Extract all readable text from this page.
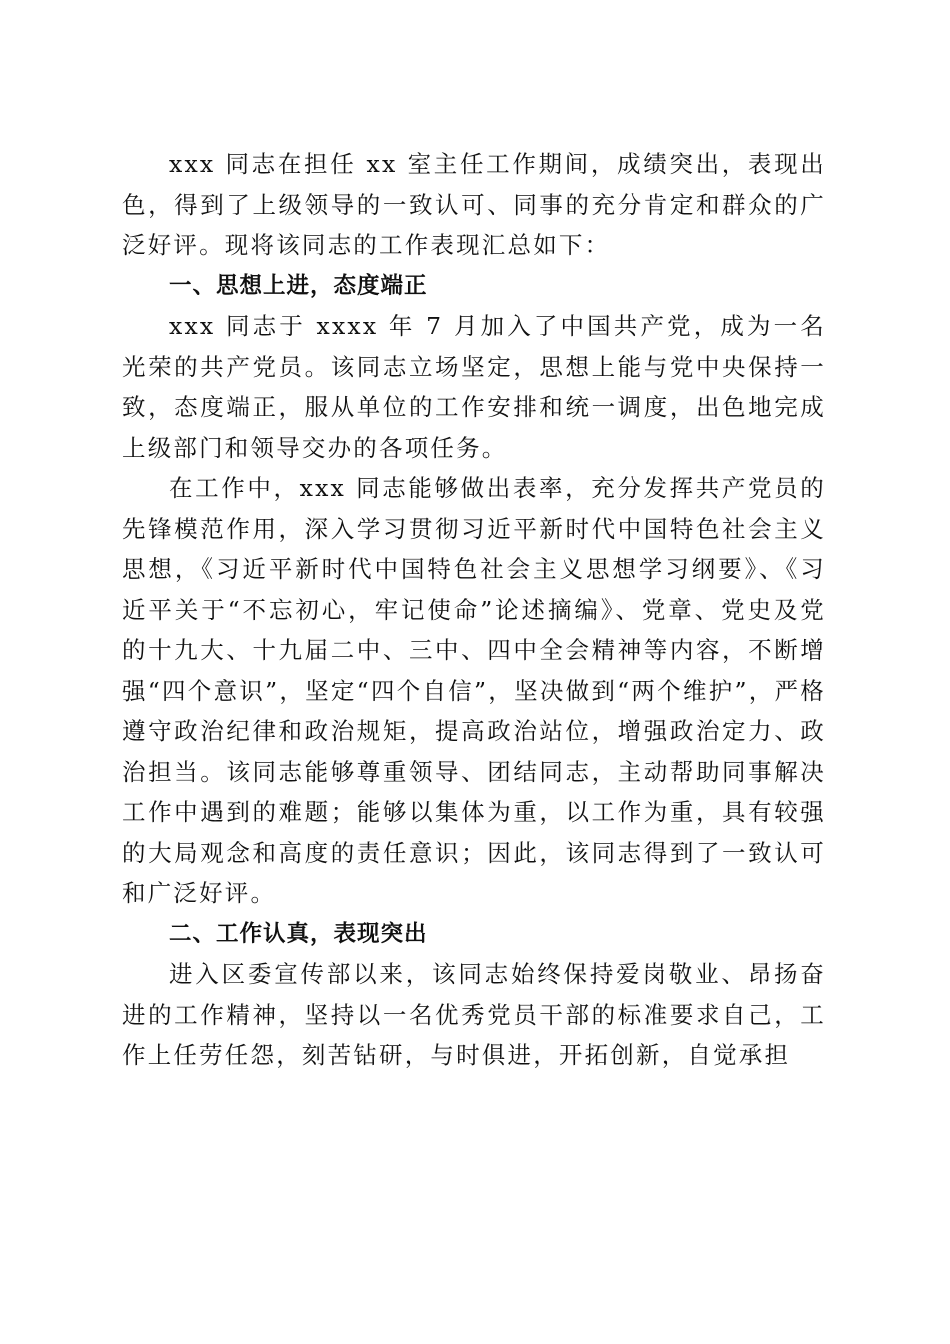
xxx 同志在担任 xx 室主任工作期间，成绩突出，表现出色，得到了上级领导的一致认可、同事的充分肯定和群众的广泛好评。现将该同志的工作表现汇总如下：

一、思想上进，态度端正

xxx 同志于 xxxx 年 7 月加入了中国共产党，成为一名光荣的共产党员。该同志立场坚定，思想上能与党中央保持一致，态度端正，服从单位的工作安排和统一调度，出色地完成上级部门和领导交办的各项任务。

在工作中，xxx 同志能够做出表率，充分发挥共产党员的先锋模范作用，深入学习贯彻习近平新时代中国特色社会主义思想，《习近平新时代中国特色社会主义思想学习纲要》、《习近平关于“不忘初心，牢记使命”论述摘编》、党章、党史及党的十九大、十九届二中、三中、四中全会精神等内容，不断增强“四个意识”，坚定“四个自信”，坚决做到“两个维护”，严格遵守政治纪律和政治规矩，提高政治站位，增强政治定力、政治担当。该同志能够尊重领导、团结同志，主动帮助同事解决工作中遇到的难题；能够以集体为重，以工作为重，具有较强的大局观念和高度的责任意识；因此，该同志得到了一致认可和广泛好评。

二、工作认真，表现突出

进入区委宣传部以来，该同志始终保持爱岗敬业、昂扬奋进的工作精神，坚持以一名优秀党员干部的标准要求自己，工作上任劳任怨，刻苦钻研，与时俱进，开拓创新，自觉承担
